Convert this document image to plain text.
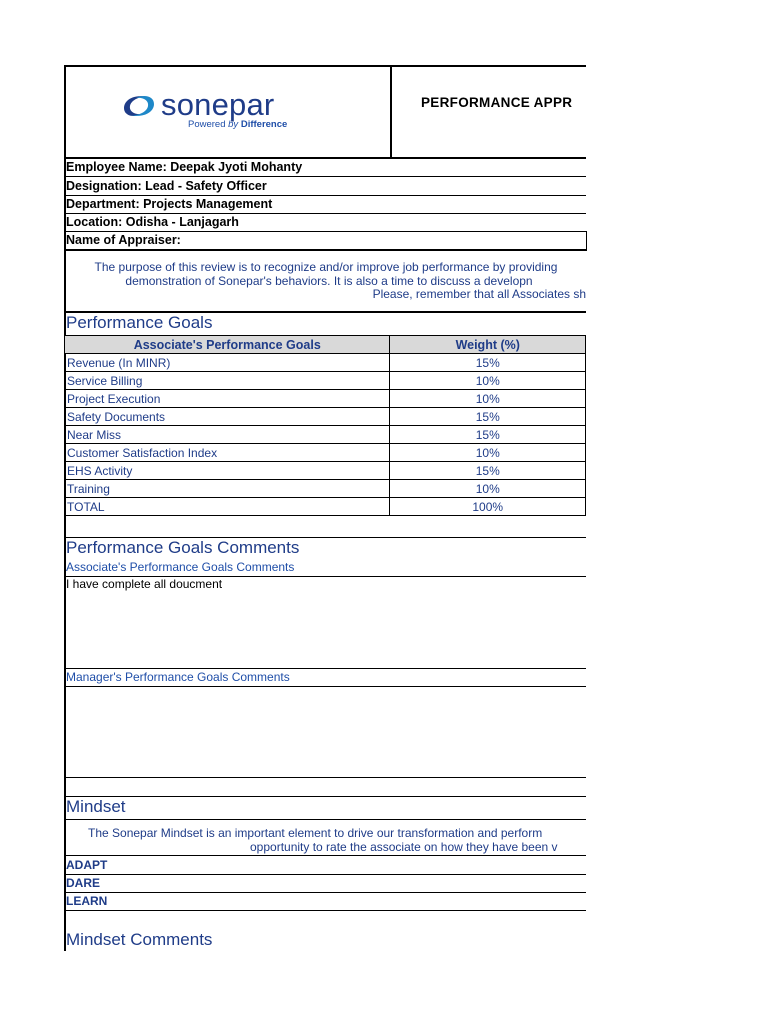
sonepar
Powered by Difference
PERFORMANCE APPR
Employee Name: Deepak Jyoti Mohanty
Designation: Lead - Safety Officer
Department: Projects Management
Location: Odisha - Lanjagarh
Name of Appraiser:
The purpose of this review is to recognize and/or improve job performance by providing
demonstration of Sonepar's behaviors. It is also a time to discuss a developn
Please, remember that all Associates sh
Performance Goals
Associate's Performance Goals	Weight (%)
Revenue (In MINR)	15%
Service Billing	10%
Project Execution	10%
Safety Documents	15%
Near Miss	15%
Customer Satisfaction Index	10%
EHS Activity	15%
Training	10%
TOTAL	100%
Performance Goals Comments
Associate's Performance Goals Comments
I have complete all doucment
Manager's Performance Goals Comments
Mindset
The Sonepar Mindset is an important element to drive our transformation and perform
opportunity to rate the associate on how they have been v
ADAPT
DARE
LEARN
Mindset Comments
